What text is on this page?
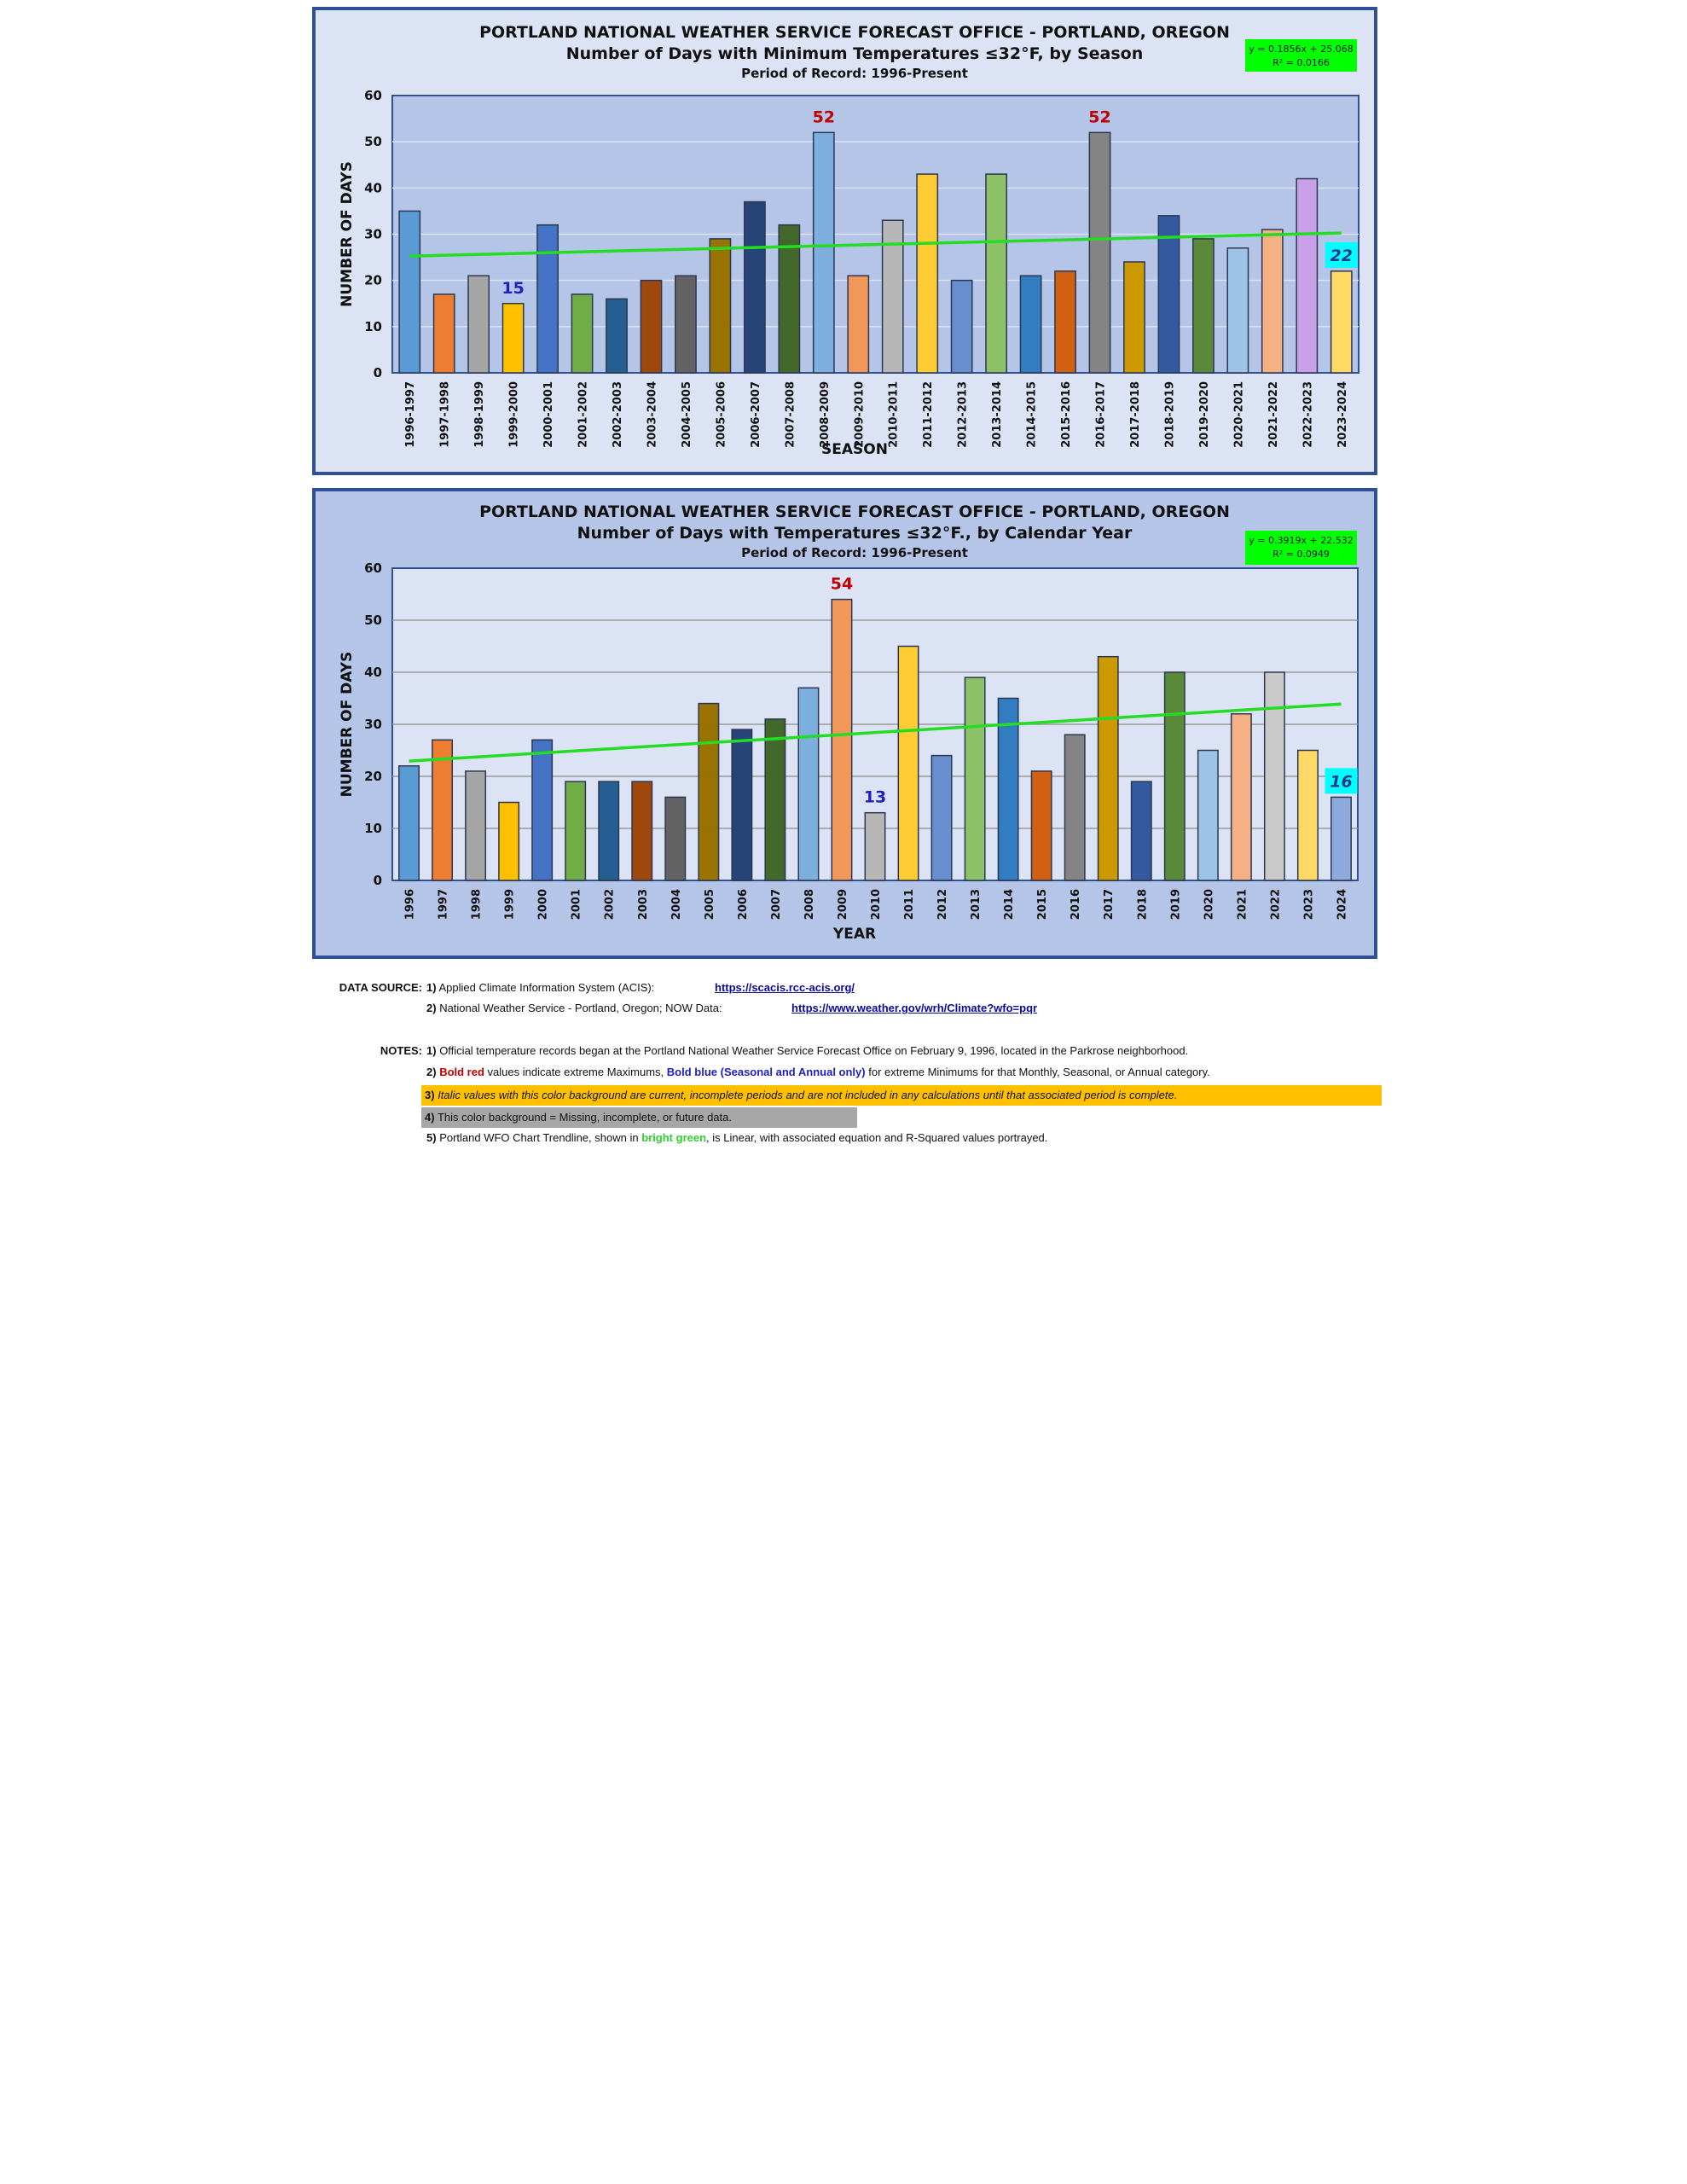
PORTLAND NATIONAL WEATHER SERVICE FORECAST OFFICE - PORTLAND, OREGON
Number of Days with Minimum Temperatures ≤32°F, by Season
Period of Record: 1996-Present
0
10
20
30
40
50
60
1996-1997 1997-1998 1998-1999 1999-2000 2000-2001 2001-2002 2002-2003 2003-2004 2004-2005 2005-2006 2006-2007 2007-2008 2008-2009 2009-2010 2010-2011 2011-2012 2012-2013 2013-2014 2014-2015 2015-2016 2016-2017 2017-2018 2018-2019 2019-2020 2020-2021 2021-2022 2022-2023 2023-2024
y = 0.1856x + 25.068
R² = 0.0166
15
52	52
22
NUMBER OF DAYS
SEASON
PORTLAND NATIONAL WEATHER SERVICE FORECAST OFFICE - PORTLAND, OREGON
Number of Days with Temperatures ≤32°F., by Calendar Year
Period of Record: 1996-Present
0
10
20
30
40
50
60
1996 1997 1998 1999 2000 2001 2002 2003 2004 2005 2006 2007 2008 2009 2010 2011 2012 2013 2014 2015 2016 2017 2018 2019 2020 2021 2022 2023 2024
y = 0.3919x + 22.532
R² = 0.0949
54
13
16
NUMBER OF DAYS
YEAR
DATA SOURCE: 1) Applied Climate Information System (ACIS):	https://scacis.rcc-acis.org/
2) National Weather Service - Portland, Oregon; NOW Data:	https://www.weather.gov/wrh/Climate?wfo=pqr
NOTES: 1) Official temperature records began at the Portland National Weather Service Forecast Office on February 9, 1996, located in the Parkrose neighborhood.
2) Bold red values indicate extreme Maximums, Bold blue (Seasonal and Annual only) for extreme Minimums for that Monthly, Seasonal, or Annual category.
3) Italic values with this color background are current, incomplete periods and are not included in any calculations until that associated period is complete.
4) This color background = Missing, incomplete, or future data.
5) Portland WFO Chart Trendline, shown in bright green, is Linear, with associated equation and R-Squared values portrayed.
